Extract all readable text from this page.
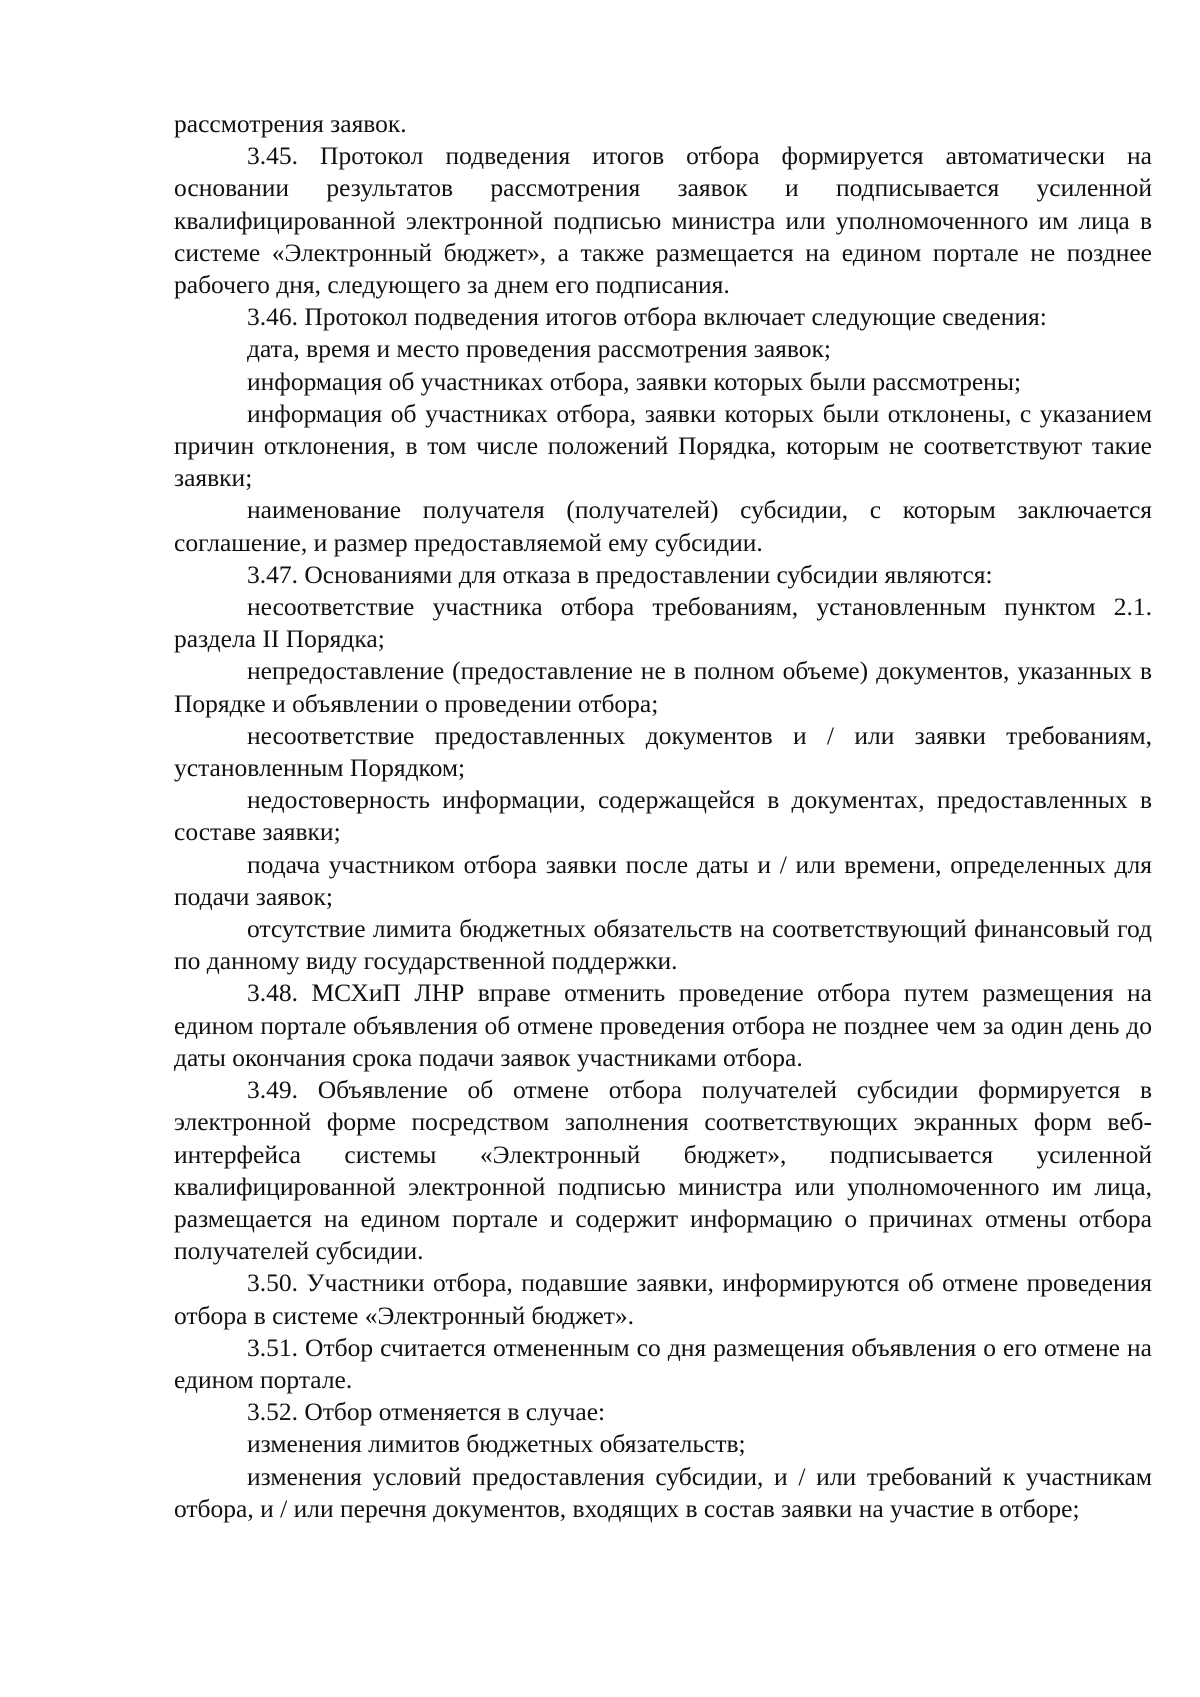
рассмотрения заявок.

3.45. Протокол подведения итогов отбора формируется автоматически на основании результатов рассмотрения заявок и подписывается усиленной квалифицированной электронной подписью министра или уполномоченного им лица в системе «Электронный бюджет», а также размещается на едином портале не позднее рабочего дня, следующего за днем его подписания.

3.46. Протокол подведения итогов отбора включает следующие сведения:

дата, время и место проведения рассмотрения заявок;

информация об участниках отбора, заявки которых были рассмотрены;

информация об участниках отбора, заявки которых были отклонены, с указанием причин отклонения, в том числе положений Порядка, которым не соответствуют такие заявки;

наименование получателя (получателей) субсидии, с которым заключается соглашение, и размер предоставляемой ему субсидии.

3.47. Основаниями для отказа в предоставлении субсидии являются:

несоответствие участника отбора требованиям, установленным пунктом 2.1. раздела II Порядка;

непредоставление (предоставление не в полном объеме) документов, указанных в Порядке и объявлении о проведении отбора;

несоответствие предоставленных документов и / или заявки требованиям, установленным Порядком;

недостоверность информации, содержащейся в документах, предоставленных в составе заявки;

подача участником отбора заявки после даты и / или времени, определенных для подачи заявок;

отсутствие лимита бюджетных обязательств на соответствующий финансовый год по данному виду государственной поддержки.

3.48. МСХиП ЛНР вправе отменить проведение отбора путем размещения на едином портале объявления об отмене проведения отбора не позднее чем за один день до даты окончания срока подачи заявок участниками отбора.

3.49. Объявление об отмене отбора получателей субсидии формируется в электронной форме посредством заполнения соответствующих экранных форм веб-интерфейса системы «Электронный бюджет», подписывается усиленной квалифицированной электронной подписью министра или уполномоченного им лица, размещается на едином портале и содержит информацию о причинах отмены отбора получателей субсидии.

3.50. Участники отбора, подавшие заявки, информируются об отмене проведения отбора в системе «Электронный бюджет».

3.51. Отбор считается отмененным со дня размещения объявления о его отмене на едином портале.

3.52. Отбор отменяется в случае:

изменения лимитов бюджетных обязательств;

изменения условий предоставления субсидии, и / или требований к участникам отбора, и / или перечня документов, входящих в состав заявки на участие в отборе;
